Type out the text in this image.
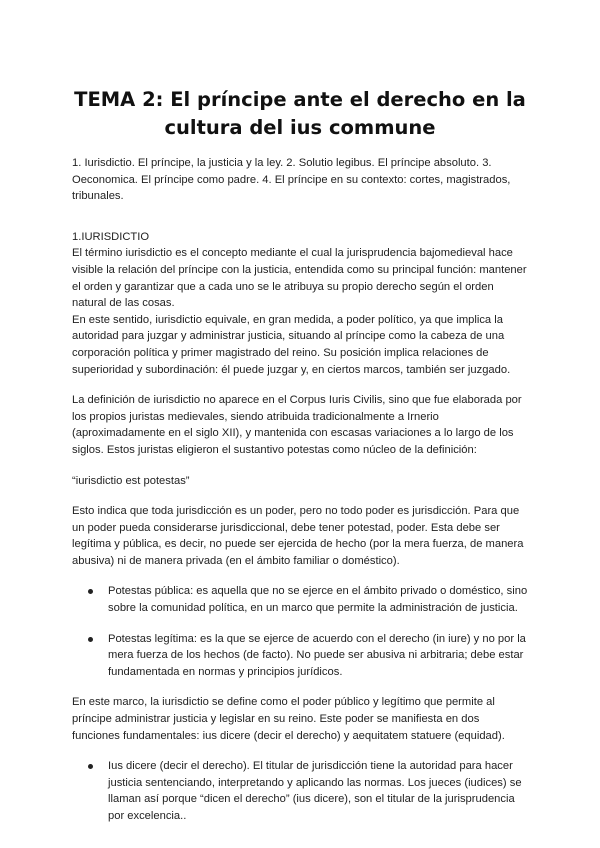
TEMA 2: El príncipe ante el derecho en la cultura del ius commune

1. Iurisdictio. El príncipe, la justicia y la ley. 2. Solutio legibus. El príncipe absoluto. 3. Oeconomica. El príncipe como padre. 4. El príncipe en su contexto: cortes, magistrados, tribunales.

1.IURISDICTIO

El término iurisdictio es el concepto mediante el cual la jurisprudencia bajomedieval hace visible la relación del príncipe con la justicia, entendida como su principal función: mantener el orden y garantizar que a cada uno se le atribuya su propio derecho según el orden natural de las cosas.

En este sentido, iurisdictio equivale, en gran medida, a poder político, ya que implica la autoridad para juzgar y administrar justicia, situando al príncipe como la cabeza de una corporación política y primer magistrado del reino. Su posición implica relaciones de superioridad y subordinación: él puede juzgar y, en ciertos marcos, también ser juzgado.

La definición de iurisdictio no aparece en el Corpus Iuris Civilis, sino que fue elaborada por los propios juristas medievales, siendo atribuida tradicionalmente a Irnerio (aproximadamente en el siglo XII), y mantenida con escasas variaciones a lo largo de los siglos. Estos juristas eligieron el sustantivo potestas como núcleo de la definición:

“iurisdictio est potestas”

Esto indica que toda jurisdicción es un poder, pero no todo poder es jurisdicción. Para que un poder pueda considerarse jurisdiccional, debe tener potestad, poder. Esta debe ser legítima y pública, es decir, no puede ser ejercida de hecho (por la mera fuerza, de manera abusiva) ni de manera privada (en el ámbito familiar o doméstico).

Potestas pública: es aquella que no se ejerce en el ámbito privado o doméstico, sino sobre la comunidad política, en un marco que permite la administración de justicia.
Potestas legítima: es la que se ejerce de acuerdo con el derecho (in iure) y no por la mera fuerza de los hechos (de facto). No puede ser abusiva ni arbitraria; debe estar fundamentada en normas y principios jurídicos.

En este marco, la iurisdictio se define como el poder público y legítimo que permite al príncipe administrar justicia y legislar en su reino. Este poder se manifiesta en dos funciones fundamentales: ius dicere (decir el derecho) y aequitatem statuere (equidad).

Ius dicere (decir el derecho). El titular de jurisdicción tiene la autoridad para hacer justicia sentenciando, interpretando y aplicando las normas. Los jueces (iudices) se llaman así porque “dicen el derecho” (ius dicere), son el titular de la jurisprudencia por excelencia..
